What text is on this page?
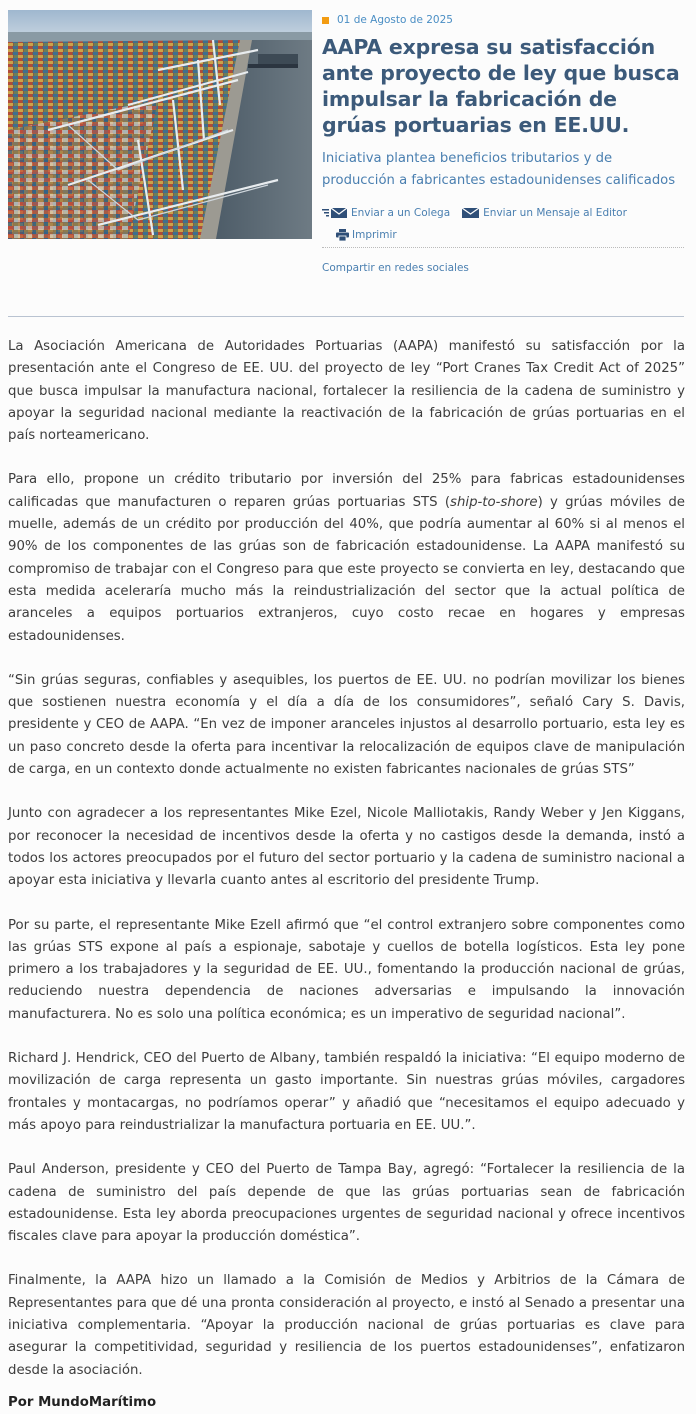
01 de Agosto de 2025
AAPA expresa su satisfacción ante proyecto de ley que busca impulsar la fabricación de grúas portuarias en EE.UU.
Iniciativa plantea beneficios tributarios y de producción a fabricantes estadounidenses calificados
Enviar a un Colega	Enviar un Mensaje al Editor
Imprimir
Compartir en redes sociales

La Asociación Americana de Autoridades Portuarias (AAPA) manifestó su satisfacción por la presentación ante el Congreso de EE. UU. del proyecto de ley “Port Cranes Tax Credit Act of 2025” que busca impulsar la manufactura nacional, fortalecer la resiliencia de la cadena de suministro y apoyar la seguridad nacional mediante la reactivación de la fabricación de grúas portuarias en el país norteamericano.

Para ello, propone un crédito tributario por inversión del 25% para fabricas estadounidenses calificadas que manufacturen o reparen grúas portuarias STS (ship-to-shore) y grúas móviles de muelle, además de un crédito por producción del 40%, que podría aumentar al 60% si al menos el 90% de los componentes de las grúas son de fabricación estadounidense. La AAPA manifestó su compromiso de trabajar con el Congreso para que este proyecto se convierta en ley, destacando que esta medida aceleraría mucho más la reindustrialización del sector que la actual política de aranceles a equipos portuarios extranjeros, cuyo costo recae en hogares y empresas estadounidenses.

“Sin grúas seguras, confiables y asequibles, los puertos de EE. UU. no podrían movilizar los bienes que sostienen nuestra economía y el día a día de los consumidores”, señaló Cary S. Davis, presidente y CEO de AAPA. “En vez de imponer aranceles injustos al desarrollo portuario, esta ley es un paso concreto desde la oferta para incentivar la relocalización de equipos clave de manipulación de carga, en un contexto donde actualmente no existen fabricantes nacionales de grúas STS”

Junto con agradecer a los representantes Mike Ezel, Nicole Malliotakis, Randy Weber y Jen Kiggans, por reconocer la necesidad de incentivos desde la oferta y no castigos desde la demanda, instó a todos los actores preocupados por el futuro del sector portuario y la cadena de suministro nacional a apoyar esta iniciativa y llevarla cuanto antes al escritorio del presidente Trump.

Por su parte, el representante Mike Ezell afirmó que “el control extranjero sobre componentes como las grúas STS expone al país a espionaje, sabotaje y cuellos de botella logísticos. Esta ley pone primero a los trabajadores y la seguridad de EE. UU., fomentando la producción nacional de grúas, reduciendo nuestra dependencia de naciones adversarias e impulsando la innovación manufacturera. No es solo una política económica; es un imperativo de seguridad nacional”.

Richard J. Hendrick, CEO del Puerto de Albany, también respaldó la iniciativa: “El equipo moderno de movilización de carga representa un gasto importante. Sin nuestras grúas móviles, cargadores frontales y montacargas, no podríamos operar” y añadió que “necesitamos el equipo adecuado y más apoyo para reindustrializar la manufactura portuaria en EE. UU.”.

Paul Anderson, presidente y CEO del Puerto de Tampa Bay, agregó: “Fortalecer la resiliencia de la cadena de suministro del país depende de que las grúas portuarias sean de fabricación estadounidense. Esta ley aborda preocupaciones urgentes de seguridad nacional y ofrece incentivos fiscales clave para apoyar la producción doméstica”.

Finalmente, la AAPA hizo un llamado a la Comisión de Medios y Arbitrios de la Cámara de Representantes para que dé una pronta consideración al proyecto, e instó al Senado a presentar una iniciativa complementaria. “Apoyar la producción nacional de grúas portuarias es clave para asegurar la competitividad, seguridad y resiliencia de los puertos estadounidenses”, enfatizaron desde la asociación.

Por MundoMarítimo
